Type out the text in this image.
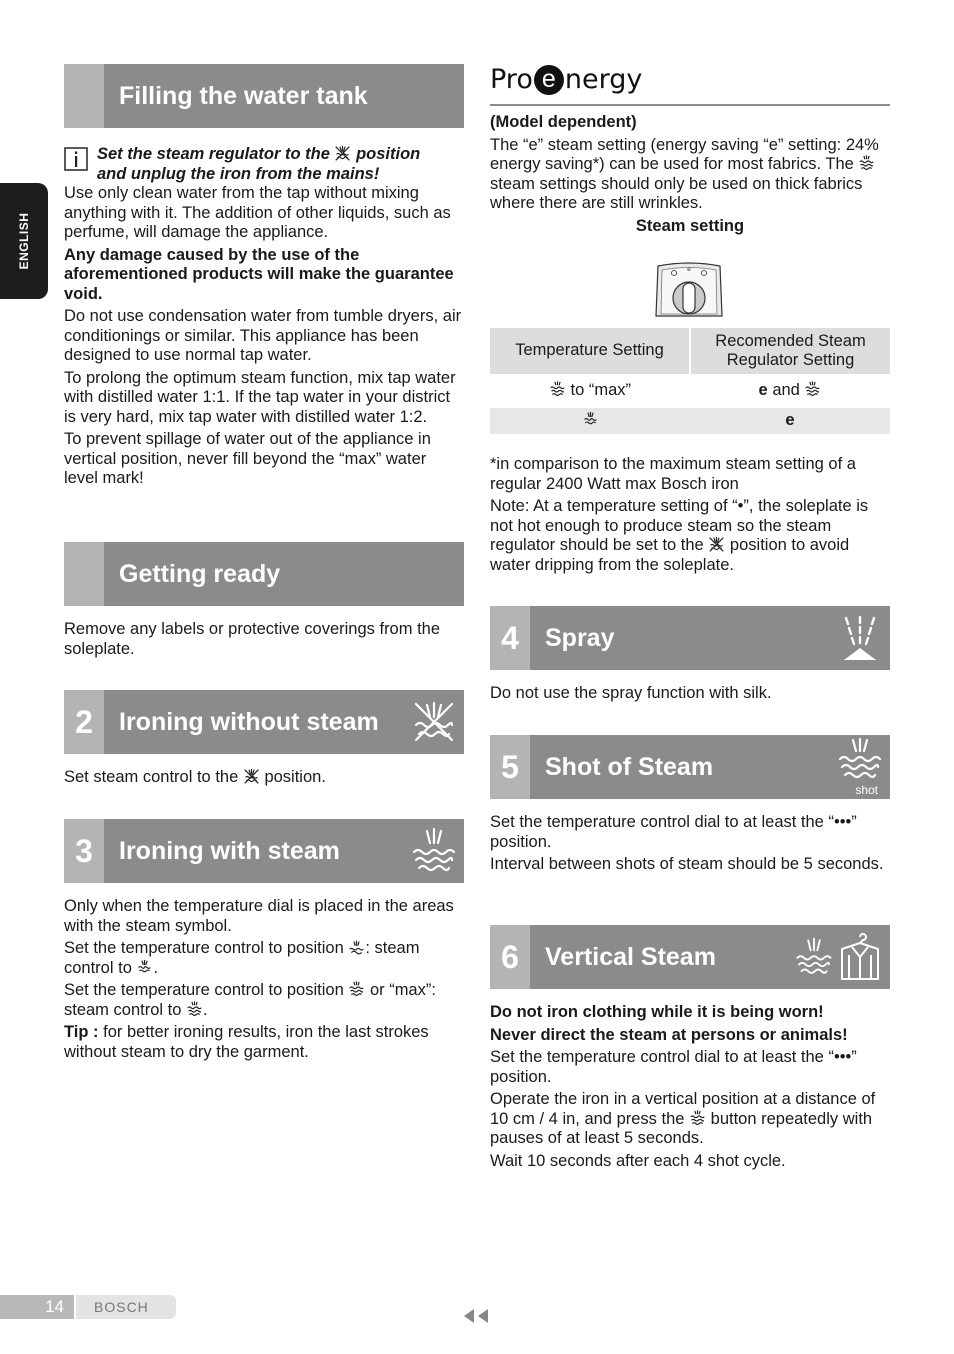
ENGLISH
Filling the water tank

Set the steam regulator to the position
and unplug the iron from the mains!

Use only clean water from the tap without mixing anything with it. The addition of other liquids, such as perfume, will damage the appliance.

Any damage caused by the use of the aforementioned products will make the guarantee void.

Do not use condensation water from tumble dryers, air conditionings or similar. This appliance has been designed to use normal tap water.

To prolong the optimum steam function, mix tap water with distilled water 1:1. If the tap water in your district is very hard, mix tap water with distilled water 1:2.

To prevent spillage of water out of the appliance in vertical position, never fill beyond the “max” water level mark!

Getting ready

Remove any labels or protective coverings from the soleplate.

2	Ironing without steam

Set steam control to the position.

3	Ironing with steam

Only when the temperature dial is placed in the areas with the steam symbol.

Set the temperature control to position : steam control to .

Set the temperature control to position or “max”: steam control to .

Tip : for better ironing results, iron the last strokes without steam to dry the garment.

Pro e nergy

(Model dependent)

The “e” steam setting (energy saving “e” setting: 24% energy saving*) can be used for most fabrics. The  steam settings should only be used on thick fabrics where there are still wrinkles.

Steam setting

e
Temperature Setting	Recomended Steam Regulator Setting
to “max”	e and
	e

*in comparison to the maximum steam setting of a regular 2400 Watt max Bosch iron

Note: At a temperature setting of “•”, the soleplate is not hot enough to produce steam so the steam regulator should be set to the position to avoid water dripping from the soleplate.

4	Spray

Do not use the spray function with silk.

5	Shot of Steam
shot

Set the temperature control dial to at least the “•••” position.

Interval between shots of steam should be 5 seconds.

6	Vertical Steam

Do not iron clothing while it is being worn!

Never direct the steam at persons or animals!

Set the temperature control dial to at least the “•••” position.

Operate the iron in a vertical position at a distance of 10 cm / 4 in, and press the button repeatedly with pauses of at least 5 seconds.

Wait 10 seconds after each 4 shot cycle.

14	BOSCH
